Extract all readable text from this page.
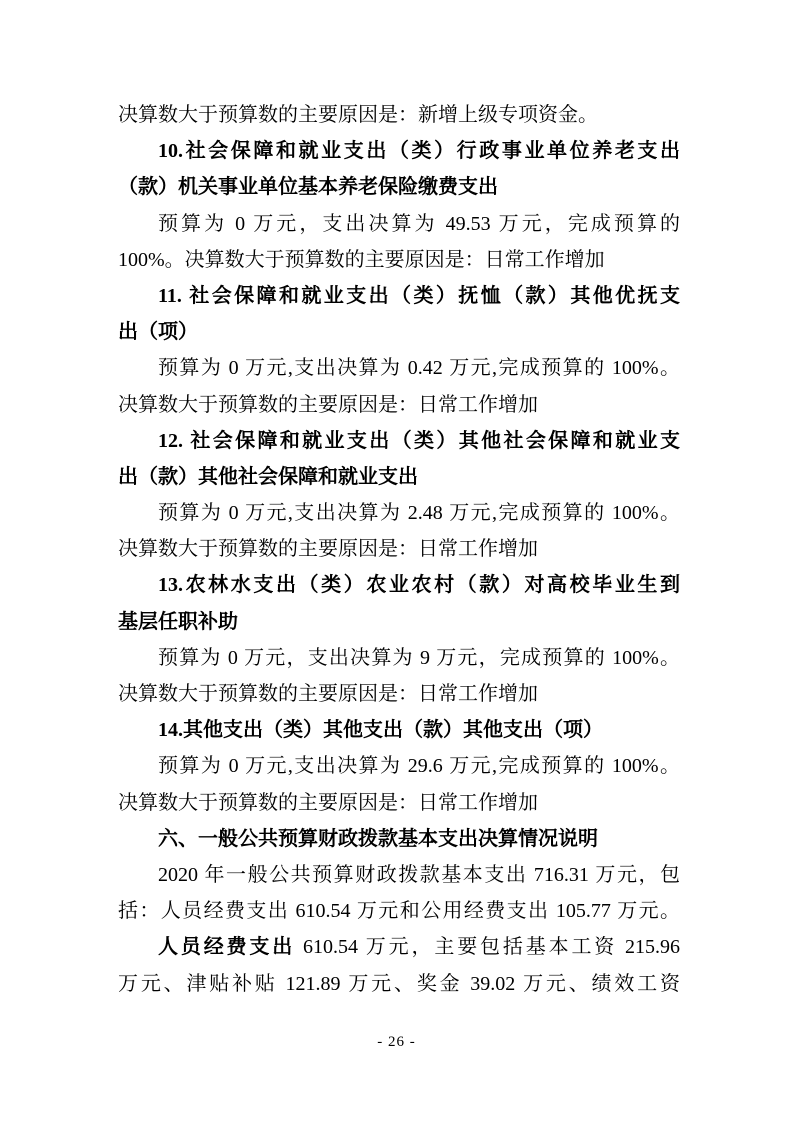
决算数大于预算数的主要原因是：新增上级专项资金。
10.社会保障和就业支出（类）行政事业单位养老支出
（款）机关事业单位基本养老保险缴费支出
预算为 0 万元，支出决算为 49.53 万元，完成预算的
100%。决算数大于预算数的主要原因是：日常工作增加
11. 社会保障和就业支出（类）抚恤（款）其他优抚支
出（项）
预算为 0 万元,支出决算为 0.42 万元,完成预算的 100%。
决算数大于预算数的主要原因是：日常工作增加
12. 社会保障和就业支出（类）其他社会保障和就业支
出（款）其他社会保障和就业支出
预算为 0 万元,支出决算为 2.48 万元,完成预算的 100%。
决算数大于预算数的主要原因是：日常工作增加
13.农林水支出（类）农业农村（款）对高校毕业生到
基层任职补助
预算为 0 万元，支出决算为 9 万元，完成预算的 100%。
决算数大于预算数的主要原因是：日常工作增加
14.其他支出（类）其他支出（款）其他支出（项）
预算为 0 万元,支出决算为 29.6 万元,完成预算的 100%。
决算数大于预算数的主要原因是：日常工作增加
六、一般公共预算财政拨款基本支出决算情况说明
2020 年一般公共预算财政拨款基本支出 716.31 万元，包
括：人员经费支出 610.54 万元和公用经费支出 105.77 万元。
人员经费支出 610.54 万元，主要包括基本工资 215.96
万元、津贴补贴 121.89 万元、奖金 39.02 万元、绩效工资
- 26 -
